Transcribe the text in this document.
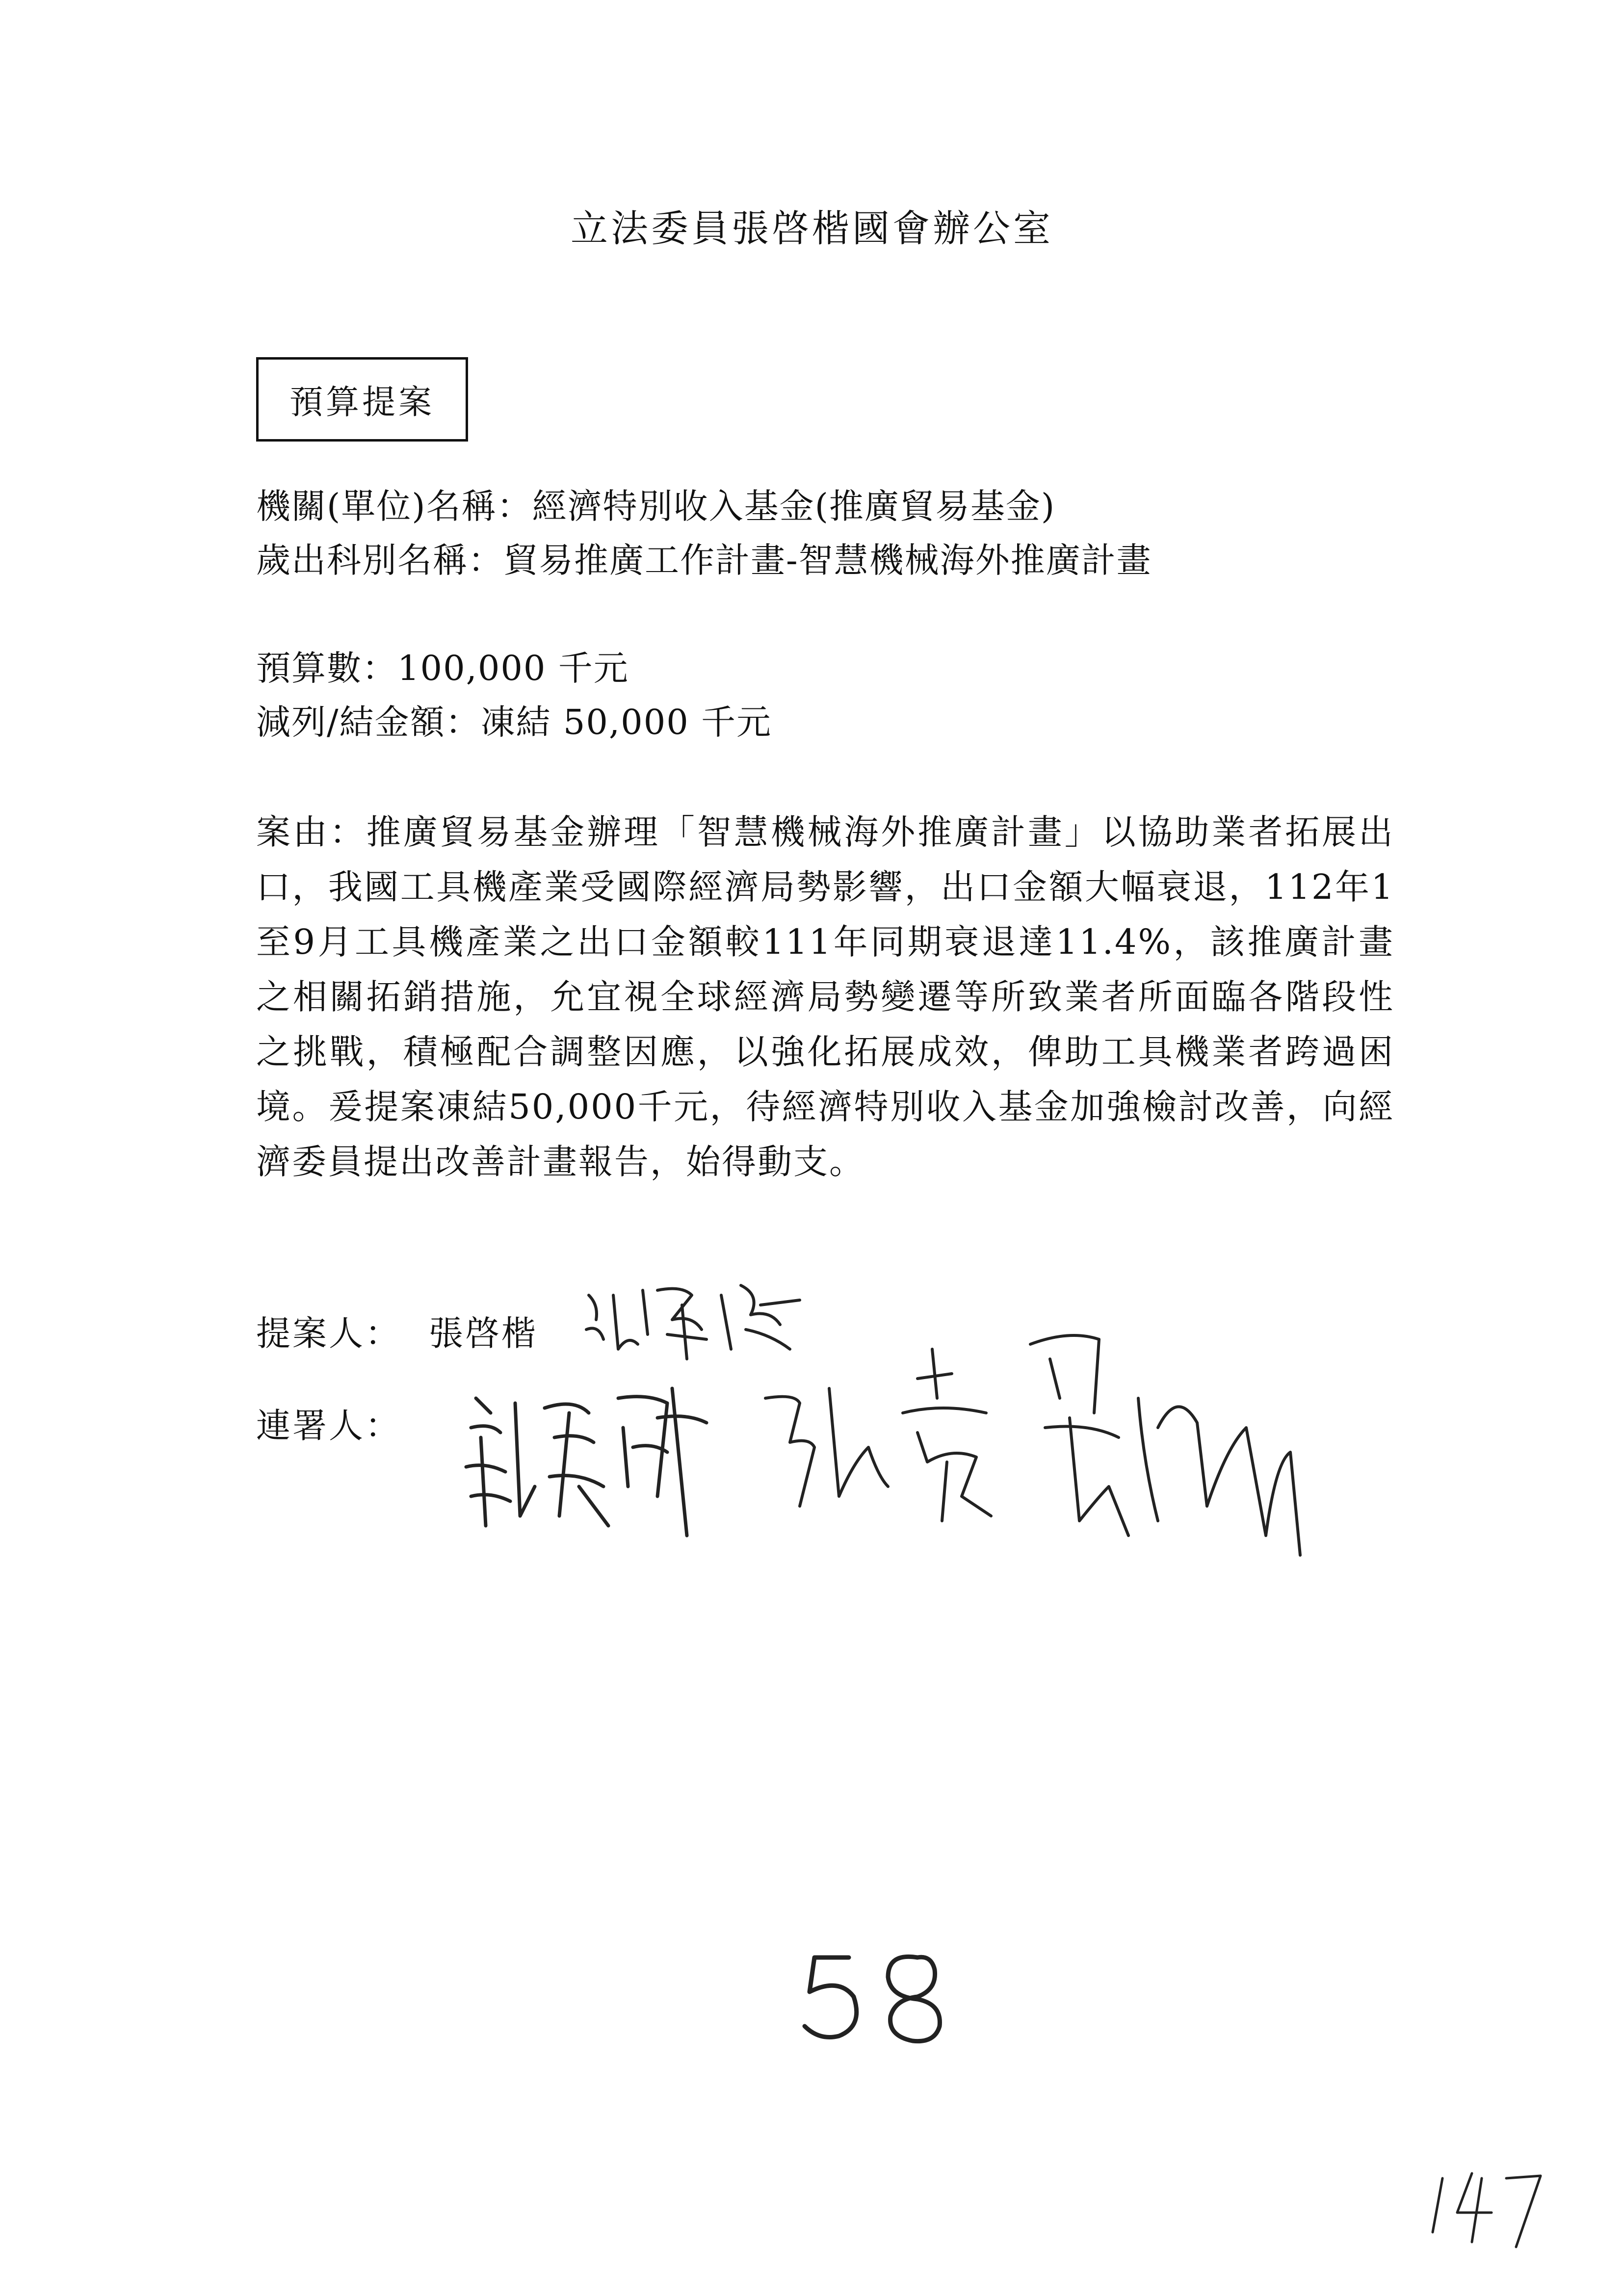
立法委員張啓楷國會辦公室
預算提案
機關(單位)名稱：經濟特別收入基金(推廣貿易基金)
歲出科別名稱：貿易推廣工作計畫-智慧機械海外推廣計畫
預算數：100,000 千元
減列/結金額：凍結 50,000 千元

案由：推廣貿易基金辦理「智慧機械海外推廣計畫」以協助業者拓展出口，我國工具機產業受國際經濟局勢影響，出口金額大幅衰退，112年1至9月工具機產業之出口金額較111年同期衰退達11.4%，該推廣計畫之相關拓銷措施，允宜視全球經濟局勢變遷等所致業者所面臨各階段性之挑戰，積極配合調整因應，以強化拓展成效，俾助工具機業者跨過困境。爰提案凍結50,000千元，待經濟特別收入基金加強檢討改善，向經濟委員提出改善計畫報告，始得動支。

提案人： 張啓楷
連署人：
